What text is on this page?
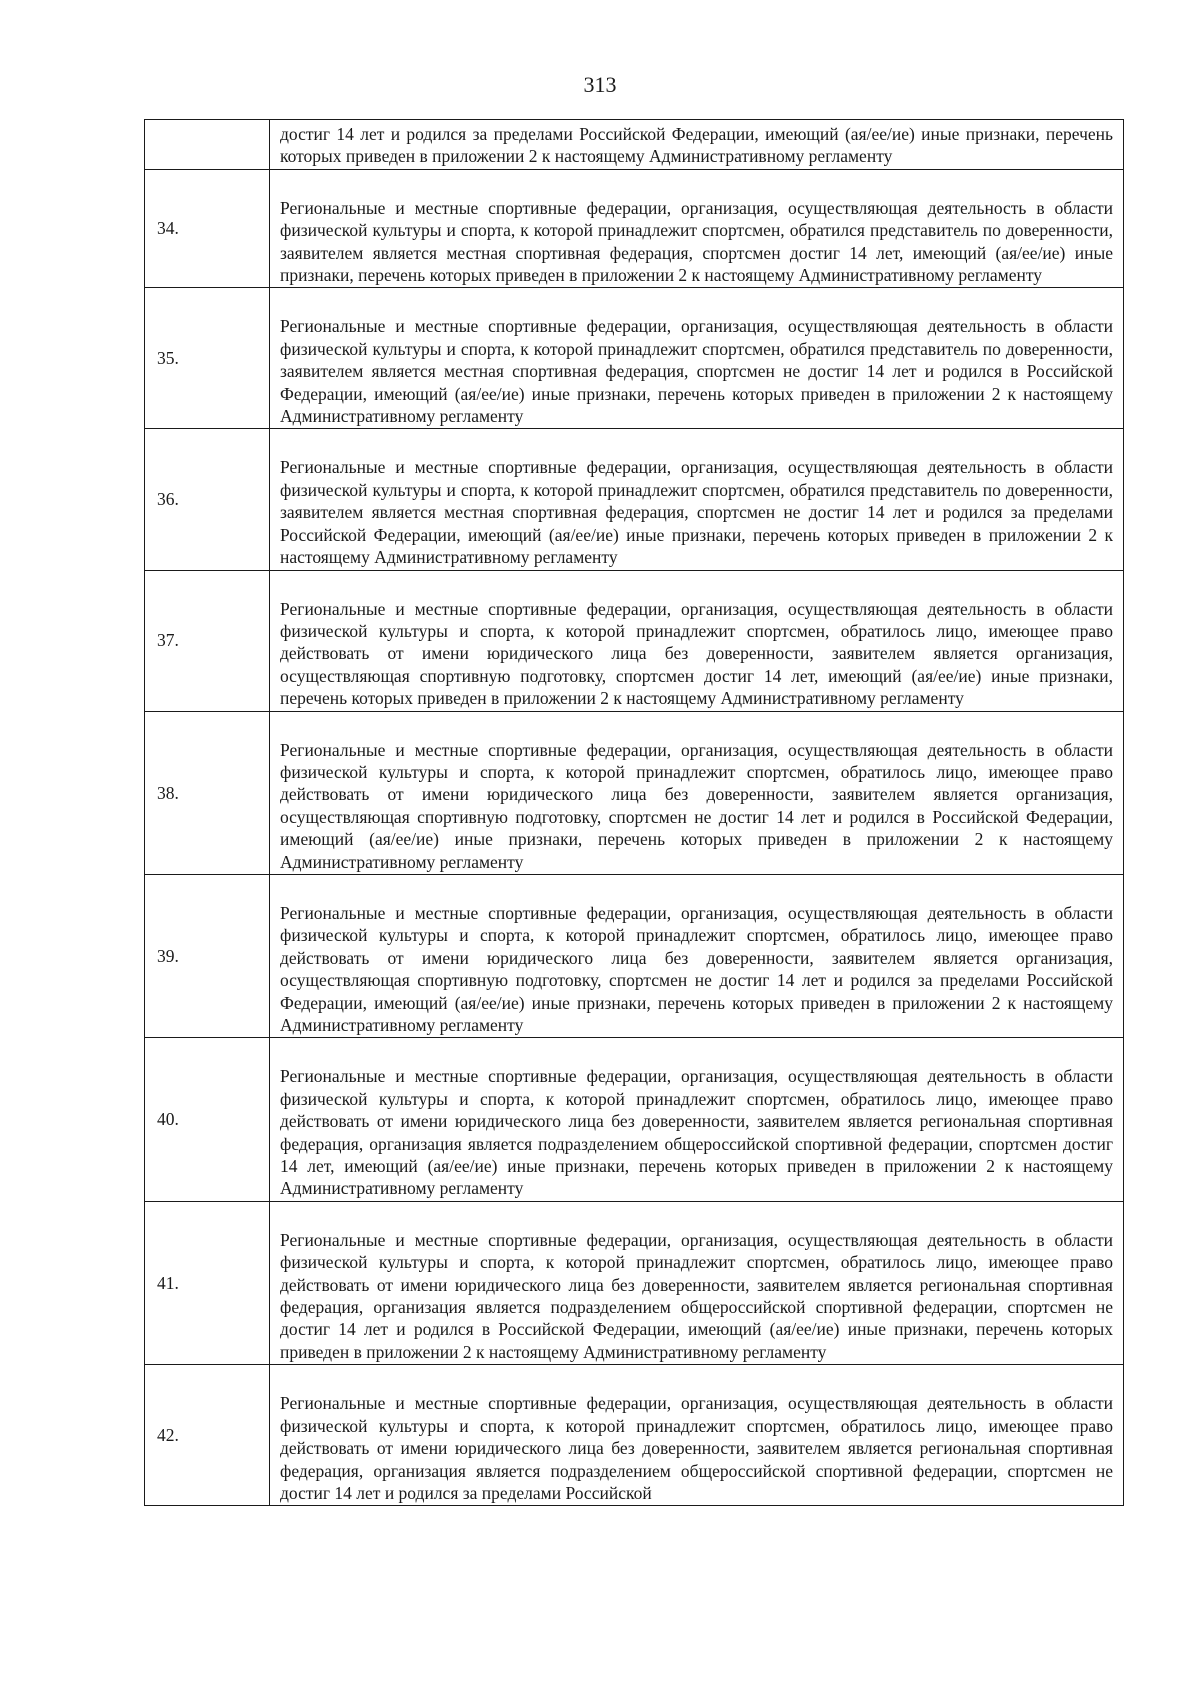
313
	достиг 14 лет и родился за пределами Российской Федерации, имеющий (ая/ее/ие) иные признаки, перечень которых приведен в приложении 2 к настоящему Административному регламенту
34.	Региональные и местные спортивные федерации, организация, осуществляющая деятельность в области физической культуры и спорта, к которой принадлежит спортсмен, обратился представитель по доверенности, заявителем является местная спортивная федерация, спортсмен достиг 14 лет, имеющий (ая/ее/ие) иные признаки, перечень которых приведен в приложении 2 к настоящему Административному регламенту
35.	Региональные и местные спортивные федерации, организация, осуществляющая деятельность в области физической культуры и спорта, к которой принадлежит спортсмен, обратился представитель по доверенности, заявителем является местная спортивная федерация, спортсмен не достиг 14 лет и родился в Российской Федерации, имеющий (ая/ее/ие) иные признаки, перечень которых приведен в приложении 2 к настоящему Административному регламенту
36.	Региональные и местные спортивные федерации, организация, осуществляющая деятельность в области физической культуры и спорта, к которой принадлежит спортсмен, обратился представитель по доверенности, заявителем является местная спортивная федерация, спортсмен не достиг 14 лет и родился за пределами Российской Федерации, имеющий (ая/ее/ие) иные признаки, перечень которых приведен в приложении 2 к настоящему Административному регламенту
37.	Региональные и местные спортивные федерации, организация, осуществляющая деятельность в области физической культуры и спорта, к которой принадлежит спортсмен, обратилось лицо, имеющее право действовать от имени юридического лица без доверенности, заявителем является организация, осуществляющая спортивную подготовку, спортсмен достиг 14 лет, имеющий (ая/ее/ие) иные признаки, перечень которых приведен в приложении 2 к настоящему Административному регламенту
38.	Региональные и местные спортивные федерации, организация, осуществляющая деятельность в области физической культуры и спорта, к которой принадлежит спортсмен, обратилось лицо, имеющее право действовать от имени юридического лица без доверенности, заявителем является организация, осуществляющая спортивную подготовку, спортсмен не достиг 14 лет и родился в Российской Федерации, имеющий (ая/ее/ие) иные признаки, перечень которых приведен в приложении 2 к настоящему Административному регламенту
39.	Региональные и местные спортивные федерации, организация, осуществляющая деятельность в области физической культуры и спорта, к которой принадлежит спортсмен, обратилось лицо, имеющее право действовать от имени юридического лица без доверенности, заявителем является организация, осуществляющая спортивную подготовку, спортсмен не достиг 14 лет и родился за пределами Российской Федерации, имеющий (ая/ее/ие) иные признаки, перечень которых приведен в приложении 2 к настоящему Административному регламенту
40.	Региональные и местные спортивные федерации, организация, осуществляющая деятельность в области физической культуры и спорта, к которой принадлежит спортсмен, обратилось лицо, имеющее право действовать от имени юридического лица без доверенности, заявителем является региональная спортивная федерация, организация является подразделением общероссийской спортивной федерации, спортсмен достиг 14 лет, имеющий (ая/ее/ие) иные признаки, перечень которых приведен в приложении 2 к настоящему Административному регламенту
41.	Региональные и местные спортивные федерации, организация, осуществляющая деятельность в области физической культуры и спорта, к которой принадлежит спортсмен, обратилось лицо, имеющее право действовать от имени юридического лица без доверенности, заявителем является региональная спортивная федерация, организация является подразделением общероссийской спортивной федерации, спортсмен не достиг 14 лет и родился в Российской Федерации, имеющий (ая/ее/ие) иные признаки, перечень которых приведен в приложении 2 к настоящему Административному регламенту
42.	Региональные и местные спортивные федерации, организация, осуществляющая деятельность в области физической культуры и спорта, к которой принадлежит спортсмен, обратилось лицо, имеющее право действовать от имени юридического лица без доверенности, заявителем является региональная спортивная федерация, организация является подразделением общероссийской спортивной федерации, спортсмен не достиг 14 лет и родился за пределами Российской
